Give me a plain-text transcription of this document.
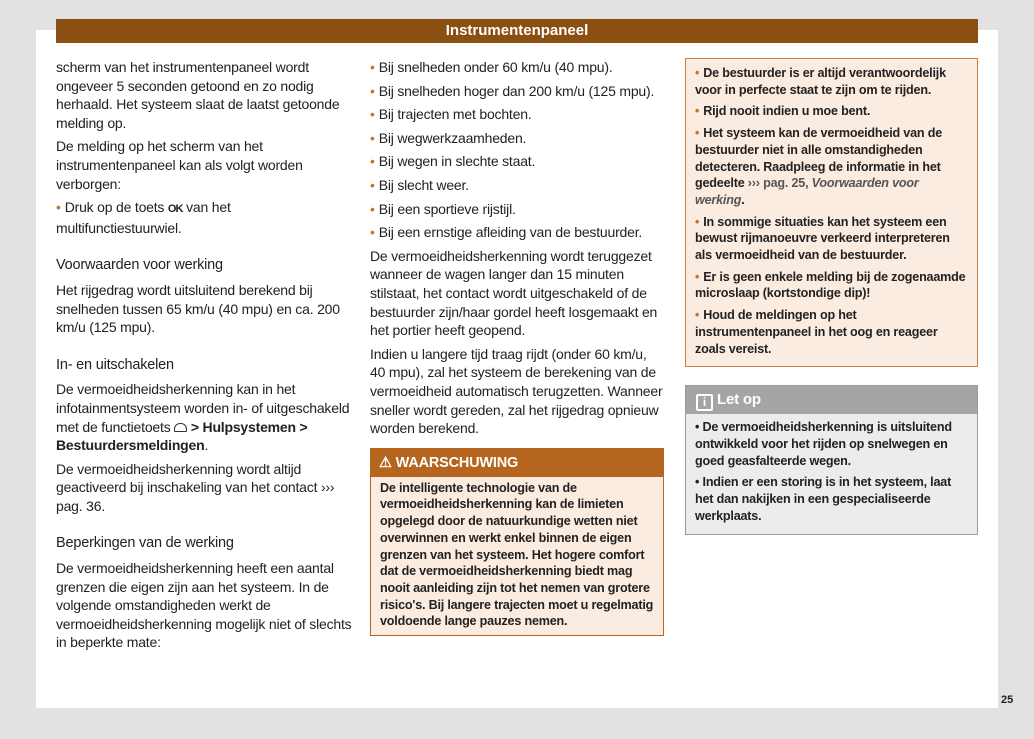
Instrumentenpaneel

scherm van het instrumentenpaneel wordt ongeveer 5 seconden getoond en zo nodig herhaald. Het systeem slaat de laatst getoonde melding op.

De melding op het scherm van het instrumentenpaneel kan als volgt worden verborgen:

• Druk op de toets OK van het multifunctiestuurwiel.

Voorwaarden voor werking

Het rijgedrag wordt uitsluitend berekend bij snelheden tussen 65 km/u (40 mpu) en ca. 200 km/u (125 mpu).

In- en uitschakelen

De vermoeidheidsherkenning kan in het infotainmentsysteem worden in- of uitgeschakeld met de functietoets  > Hulpsystemen > Bestuurdersmeldingen.

De vermoeidheidsherkenning wordt altijd geactiveerd bij inschakeling van het contact ››› pag. 36.

Beperkingen van de werking

De vermoeidheidsherkenning heeft een aantal grenzen die eigen zijn aan het systeem. In de volgende omstandigheden werkt de vermoeidheidsherkenning mogelijk niet of slechts in beperkte mate:

• Bij snelheden onder 60 km/u (40 mpu).

• Bij snelheden hoger dan 200 km/u (125 mpu).

• Bij trajecten met bochten.

• Bij wegwerkzaamheden.

• Bij wegen in slechte staat.

• Bij slecht weer.

• Bij een sportieve rijstijl.

• Bij een ernstige afleiding van de bestuurder.

De vermoeidheidsherkenning wordt teruggezet wanneer de wagen langer dan 15 minuten stilstaat, het contact wordt uitgeschakeld of de bestuurder zijn/haar gordel heeft losgemaakt en het portier heeft geopend.

Indien u langere tijd traag rijdt (onder 60 km/u, 40 mpu), zal het systeem de berekening van de vermoeidheid automatisch terugzetten. Wanneer sneller wordt gereden, zal het rijgedrag opnieuw worden berekend.

⚠ WAARSCHUWING
De intelligente technologie van de vermoeidheidsherkenning kan de limieten opgelegd door de natuurkundige wetten niet overwinnen en werkt enkel binnen de eigen grenzen van het systeem. Het hogere comfort dat de vermoeidheidsherkenning biedt mag nooit aanleiding zijn tot het nemen van grotere risico's. Bij langere trajecten moet u regelmatig voldoende lange pauzes nemen.

• De bestuurder is er altijd verantwoordelijk voor in perfecte staat te zijn om te rijden.

• Rijd nooit indien u moe bent.

• Het systeem kan de vermoeidheid van de bestuurder niet in alle omstandigheden detecteren. Raadpleeg de informatie in het gedeelte ››› pag. 25, Voorwaarden voor werking.

• In sommige situaties kan het systeem een bewust rijmanoeuvre verkeerd interpreteren als vermoeidheid van de bestuurder.

• Er is geen enkele melding bij de zogenaamde microslaap (kortstondige dip)!

• Houd de meldingen op het instrumentenpaneel in het oog en reageer zoals vereist.

i Let op

• De vermoeidheidsherkenning is uitsluitend ontwikkeld voor het rijden op snelwegen en goed geasfalteerde wegen.

• Indien er een storing is in het systeem, laat het dan nakijken in een gespecialiseerde werkplaats.

25
